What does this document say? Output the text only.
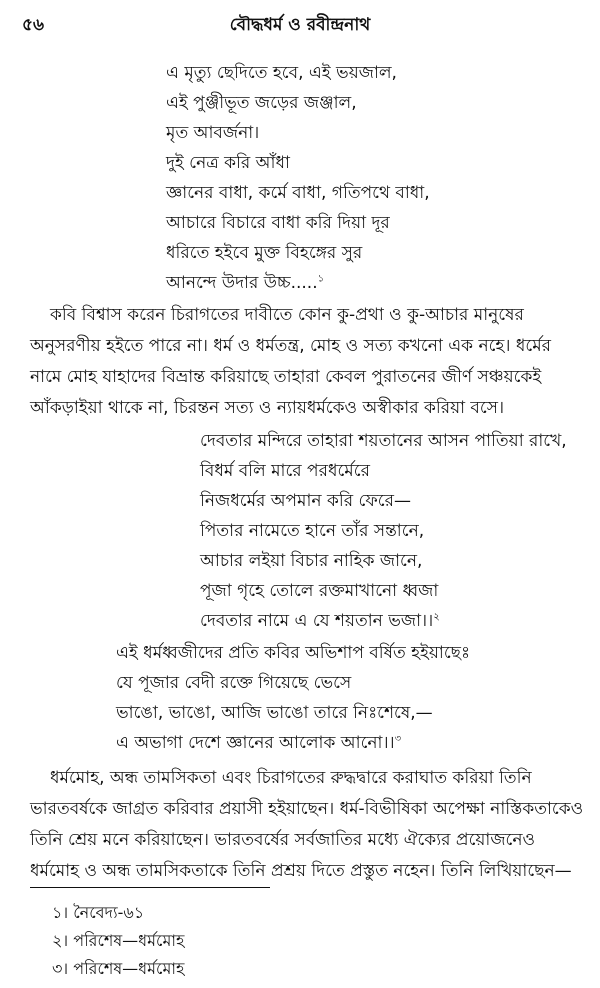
৫৬	বৌদ্ধধর্ম ও রবীন্দ্রনাথ
এ মৃত্যু ছেদিতে হবে, এই ভয়জাল,
এই পুঞ্জীভূত জড়ের জঞ্জাল,
মৃত আবর্জনা।
দুই নেত্র করি আঁধা
জ্ঞানের বাধা, কর্মে বাধা, গতিপথে বাধা,
আচারে বিচারে বাধা করি দিয়া দূর
ধরিতে হইবে মুক্ত বিহঙ্গের সুর
আনন্দে উদার উচ্চ.....$^১$
কবি বিশ্বাস করেন চিরাগতের দাবীতে কোন কু-প্রথা ও কু-আচার মানুষের
অনুসরণীয় হইতে পারে না। ধর্ম ও ধর্মতন্ত্র, মোহ ও সত্য কখনো এক নহে। ধর্মের
নামে মোহ যাহাদের বিভ্রান্ত করিয়াছে তাহারা কেবল পুরাতনের জীর্ণ সঞ্চয়কেই
আঁকড়াইয়া থাকে না, চিরন্তন সত্য ও ন্যায়ধর্মকেও অস্বীকার করিয়া বসে।
দেবতার মন্দিরে তাহারা শয়তানের আসন পাতিয়া রাখে,
বিধর্ম বলি মারে পরধর্মেরে
নিজধর্মের অপমান করি ফেরে—
পিতার নামেতে হানে তাঁর সন্তানে,
আচার লইয়া বিচার নাহিক জানে,
পূজা গৃহে তোলে রক্তমাখানো ধ্বজা
দেবতার নামে এ যে শয়তান ভজা।।$^২$
এই ধর্মধ্বজীদের প্রতি কবির অভিশাপ বর্ষিত হইয়াছেঃ
যে পূজার বেদী রক্তে গিয়েছে ভেসে
ভাঙো, ভাঙো, আজি ভাঙো তারে নিঃশেষে,—
এ অভাগা দেশে জ্ঞানের আলোক আনো।।$^৩$
ধর্মমোহ, অন্ধ তামসিকতা এবং চিরাগতের রুদ্ধদ্বারে করাঘাত করিয়া তিনি
ভারতবর্ষকে জাগ্রত করিবার প্রয়াসী হইয়াছেন। ধর্ম-বিভীষিকা অপেক্ষা নাস্তিকতাকেও
তিনি শ্রেয় মনে করিয়াছেন। ভারতবর্ষের সর্বজাতির মধ্যে ঐক্যের প্রয়োজনেও
ধর্মমোহ ও অন্ধ তামসিকতাকে তিনি প্রশ্রয় দিতে প্রস্তুত নহেন। তিনি লিখিয়াছেন—
১। নৈবেদ্য-৬১
২। পরিশেষ—ধর্মমোহ
৩। পরিশেষ—ধর্মমোহ
